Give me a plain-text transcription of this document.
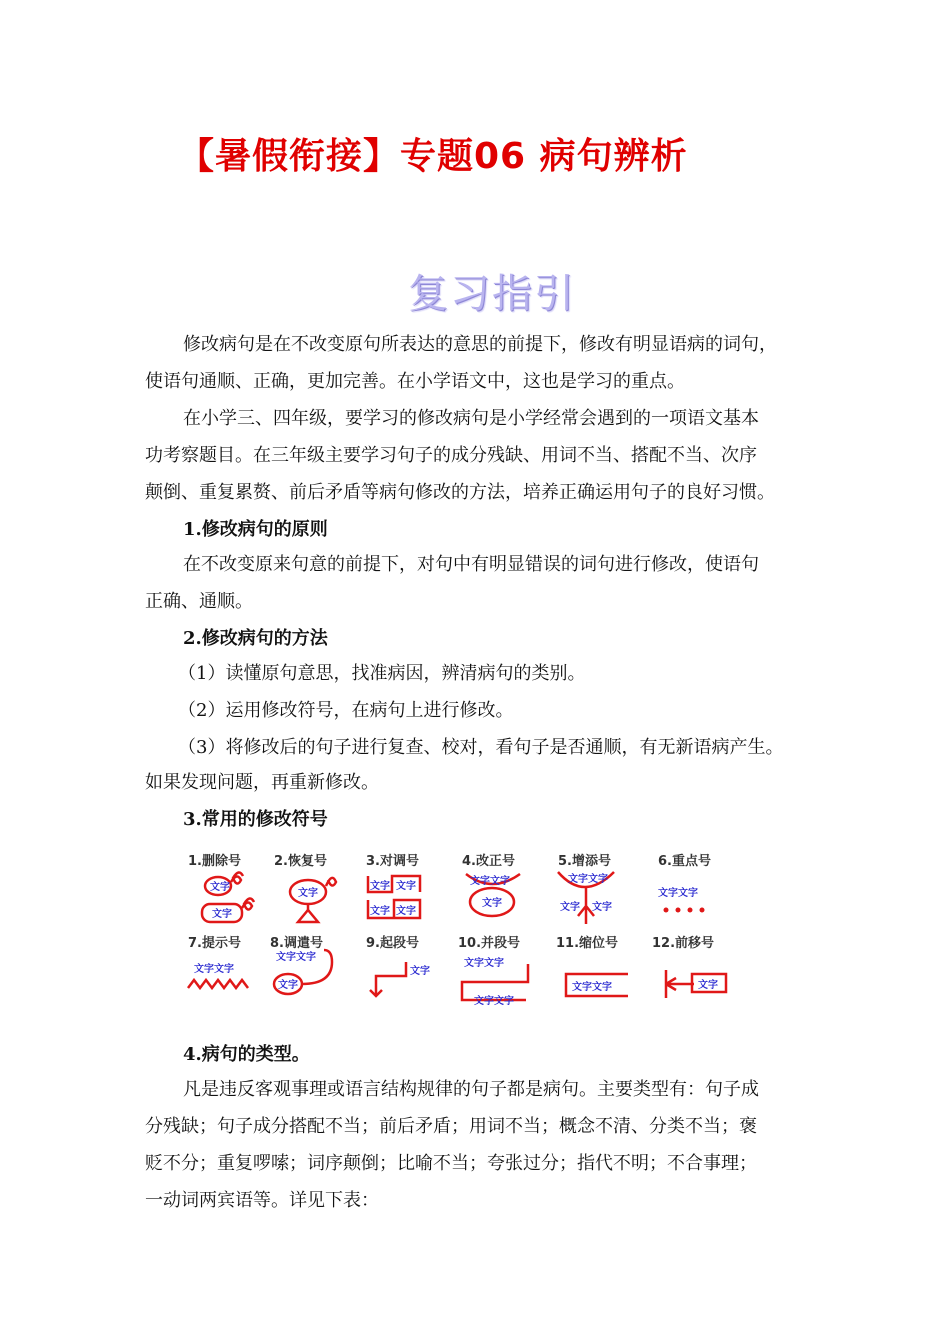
【暑假衔接】专题06 病句辨析
复习指引
修改病句是在不改变原句所表达的意思的前提下，修改有明显语病的词句，
使语句通顺、正确，更加完善。在小学语文中，这也是学习的重点。
在小学三、四年级，要学习的修改病句是小学经常会遇到的一项语文基本
功考察题目。在三年级主要学习句子的成分残缺、用词不当、搭配不当、次序
颠倒、重复累赘、前后矛盾等病句修改的方法，培养正确运用句子的良好习惯。
1.修改病句的原则
在不改变原来句意的前提下，对句中有明显错误的词句进行修改，使语句
正确、通顺。
2.修改病句的方法
（1）读懂原句意思，找准病因，辨清病句的类别。
（2）运用修改符号，在病句上进行修改。
（3）将修改后的句子进行复查、校对，看句子是否通顺，有无新语病产生。
如果发现问题，再重新修改。
3.常用的修改符号
1.删除号	2.恢复号	3.对调号	4.改正号	5.增添号	6.重点号
7.提示号 8.调遣号	9.起段号	10.并段号	11.缩位号	12.前移号
文字
文字
文字
文字 文字
文字 文字
文字文字
文字
文字文字
文字 文字
文字文字
文字文字
文字文字
文字
文字
文字文字
文字文字
文字文字	文字
4.病句的类型。
凡是违反客观事理或语言结构规律的句子都是病句。主要类型有：句子成
分残缺；句子成分搭配不当；前后矛盾；用词不当；概念不清、分类不当；褒
贬不分；重复啰嗦；词序颠倒；比喻不当；夸张过分；指代不明；不合事理；
一动词两宾语等。详见下表：
